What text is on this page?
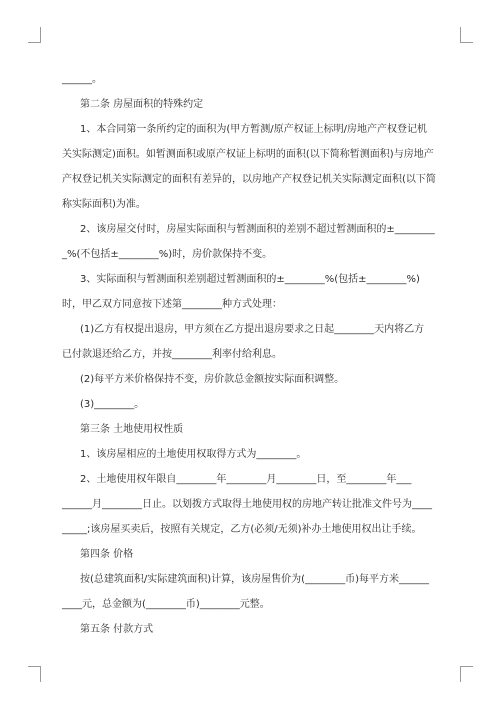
______。
第二条 房屋面积的特殊约定
1、本合同第一条所约定的面积为(甲方暂测/原产权证上标明/房地产产权登记机
关实际测定)面积。如暂测面积或原产权证上标明的面积(以下简称暂测面积)与房地产
产权登记机关实际测定的面积有差异的，以房地产产权登记机关实际测定面积(以下简
称实际面积)为准。
2、该房屋交付时，房屋实际面积与暂测面积的差别不超过暂测面积的±________
_%(不包括±________%)时，房价款保持不变。
3、实际面积与暂测面积差别超过暂测面积的±________%(包括±________%)
时，甲乙双方同意按下述第________种方式处理：
(1)乙方有权提出退房，甲方须在乙方提出退房要求之日起________天内将乙方
已付款退还给乙方，并按________利率付给利息。
(2)每平方米价格保持不变，房价款总金额按实际面积调整。
(3)________。
第三条 土地使用权性质
1、该房屋相应的土地使用权取得方式为________。
2、土地使用权年限自________年________月________日，至________年___
______月________日止。以划拨方式取得土地使用权的房地产转让批准文件号为____
_____;该房屋买卖后，按照有关规定，乙方(必须/无须)补办土地使用权出让手续。
第四条 价格
按(总建筑面积/实际建筑面积)计算，该房屋售价为(________币)每平方米______
____元，总金额为(________币)________元整。
第五条 付款方式
